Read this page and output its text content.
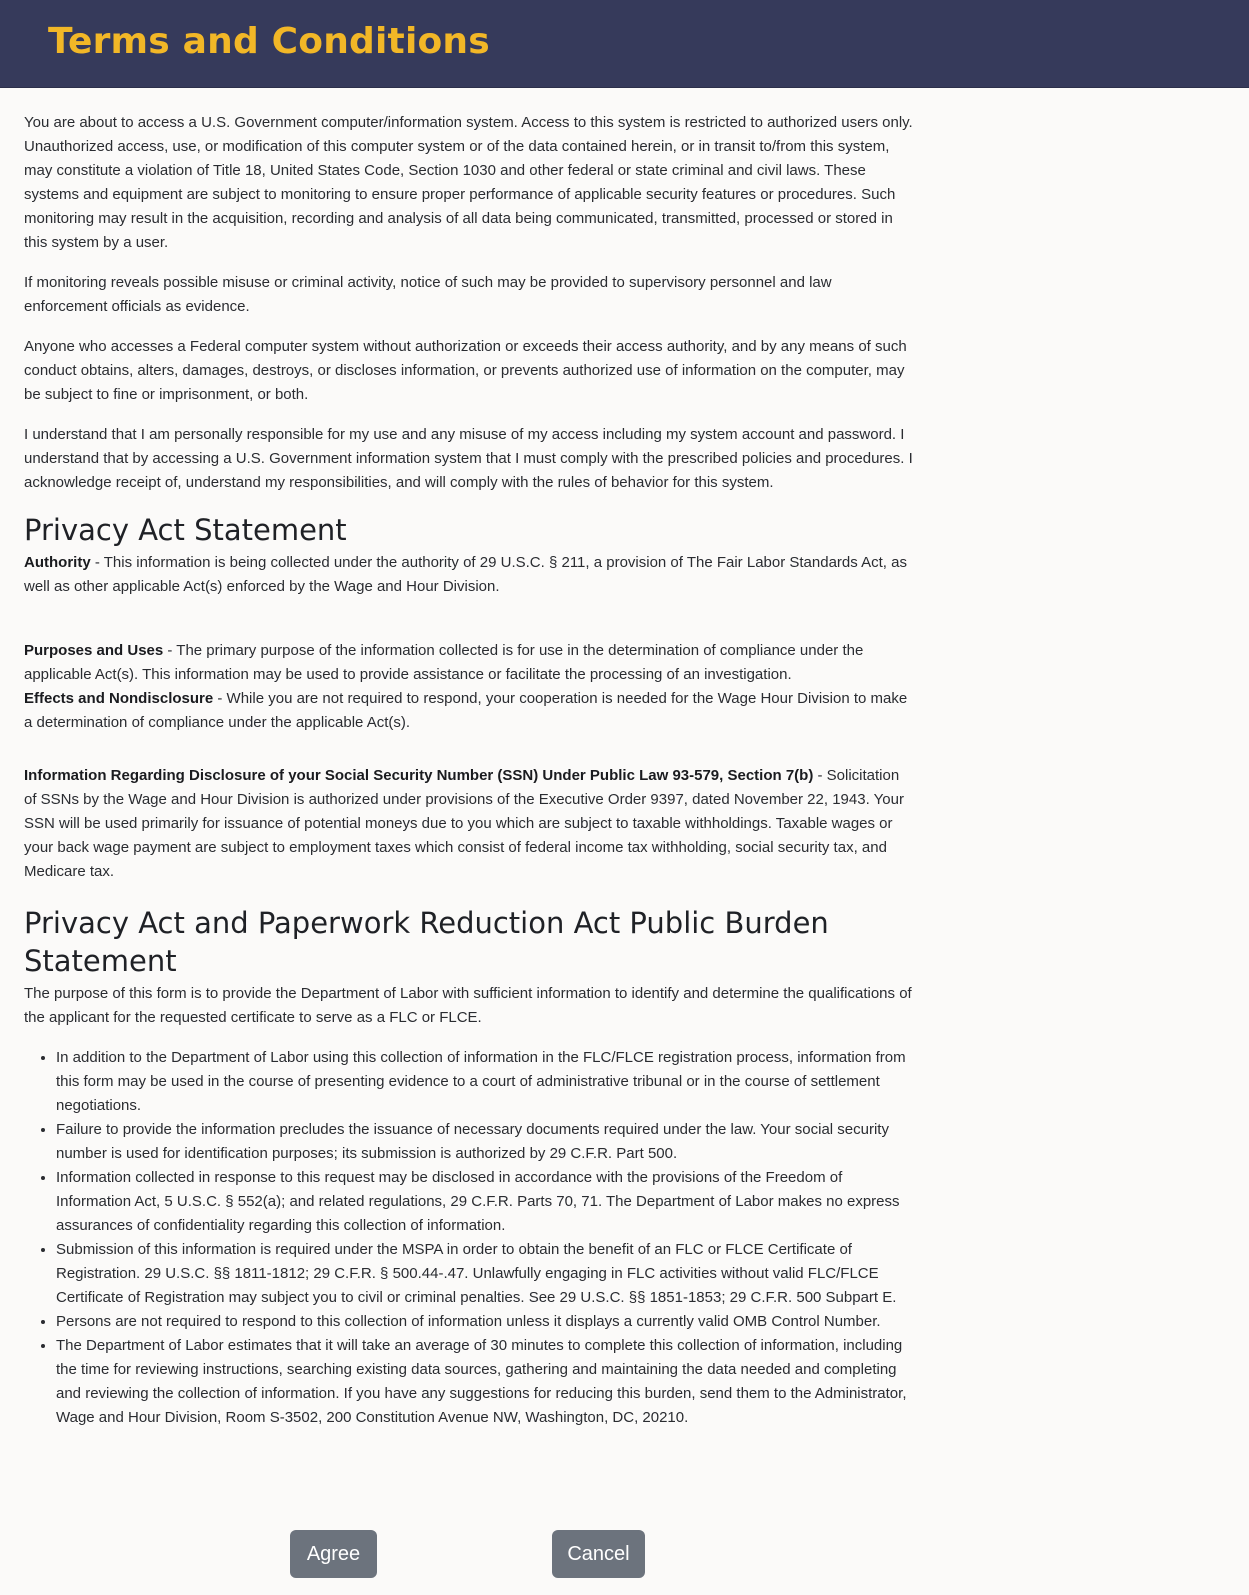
Terms and Conditions

You are about to access a U.S. Government computer/information system. Access to this system is restricted to authorized users only. Unauthorized access, use, or modification of this computer system or of the data contained herein, or in transit to/from this system, may constitute a violation of Title 18, United States Code, Section 1030 and other federal or state criminal and civil laws. These systems and equipment are subject to monitoring to ensure proper performance of applicable security features or procedures. Such monitoring may result in the acquisition, recording and analysis of all data being communicated, transmitted, processed or stored in this system by a user.

If monitoring reveals possible misuse or criminal activity, notice of such may be provided to supervisory personnel and law enforcement officials as evidence.

Anyone who accesses a Federal computer system without authorization or exceeds their access authority, and by any means of such conduct obtains, alters, damages, destroys, or discloses information, or prevents authorized use of information on the computer, may be subject to fine or imprisonment, or both.

I understand that I am personally responsible for my use and any misuse of my access including my system account and password. I understand that by accessing a U.S. Government information system that I must comply with the prescribed policies and procedures. I acknowledge receipt of, understand my responsibilities, and will comply with the rules of behavior for this system.

Privacy Act Statement

Authority - This information is being collected under the authority of 29 U.S.C. § 211, a provision of The Fair Labor Standards Act, as well as other applicable Act(s) enforced by the Wage and Hour Division.

Purposes and Uses - The primary purpose of the information collected is for use in the determination of compliance under the applicable Act(s). This information may be used to provide assistance or facilitate the processing of an investigation.

Effects and Nondisclosure - While you are not required to respond, your cooperation is needed for the Wage Hour Division to make a determination of compliance under the applicable Act(s).

Information Regarding Disclosure of your Social Security Number (SSN) Under Public Law 93-579, Section 7(b) - Solicitation of SSNs by the Wage and Hour Division is authorized under provisions of the Executive Order 9397, dated November 22, 1943. Your SSN will be used primarily for issuance of potential moneys due to you which are subject to taxable withholdings. Taxable wages or your back wage payment are subject to employment taxes which consist of federal income tax withholding, social security tax, and Medicare tax.

Privacy Act and Paperwork Reduction Act Public Burden Statement

The purpose of this form is to provide the Department of Labor with sufficient information to identify and determine the qualifications of the applicant for the requested certificate to serve as a FLC or FLCE.

• In addition to the Department of Labor using this collection of information in the FLC/FLCE registration process, information from this form may be used in the course of presenting evidence to a court of administrative tribunal or in the course of settlement negotiations.
• Failure to provide the information precludes the issuance of necessary documents required under the law. Your social security number is used for identification purposes; its submission is authorized by 29 C.F.R. Part 500.
• Information collected in response to this request may be disclosed in accordance with the provisions of the Freedom of Information Act, 5 U.S.C. § 552(a); and related regulations, 29 C.F.R. Parts 70, 71. The Department of Labor makes no express assurances of confidentiality regarding this collection of information.
• Submission of this information is required under the MSPA in order to obtain the benefit of an FLC or FLCE Certificate of Registration. 29 U.S.C. §§ 1811-1812; 29 C.F.R. § 500.44-.47. Unlawfully engaging in FLC activities without valid FLC/FLCE Certificate of Registration may subject you to civil or criminal penalties. See 29 U.S.C. §§ 1851-1853; 29 C.F.R. 500 Subpart E.
• Persons are not required to respond to this collection of information unless it displays a currently valid OMB Control Number.
• The Department of Labor estimates that it will take an average of 30 minutes to complete this collection of information, including the time for reviewing instructions, searching existing data sources, gathering and maintaining the data needed and completing and reviewing the collection of information. If you have any suggestions for reducing this burden, send them to the Administrator, Wage and Hour Division, Room S-3502, 200 Constitution Avenue NW, Washington, DC, 20210.
Agree	Cancel
